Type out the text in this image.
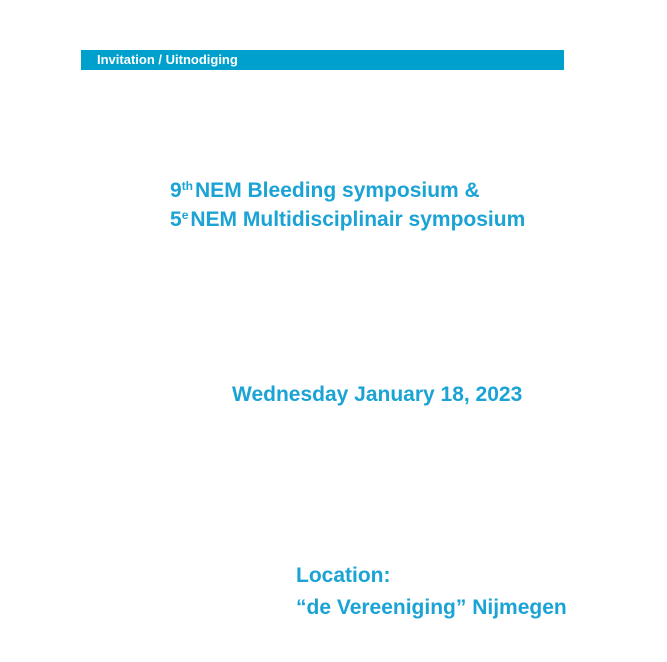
Invitation / Uitnodiging
9thNEM Bleeding symposium &
5eNEM Multidisciplinair symposium
Wednesday January 18, 2023
Location:
“de Vereeniging” Nijmegen
